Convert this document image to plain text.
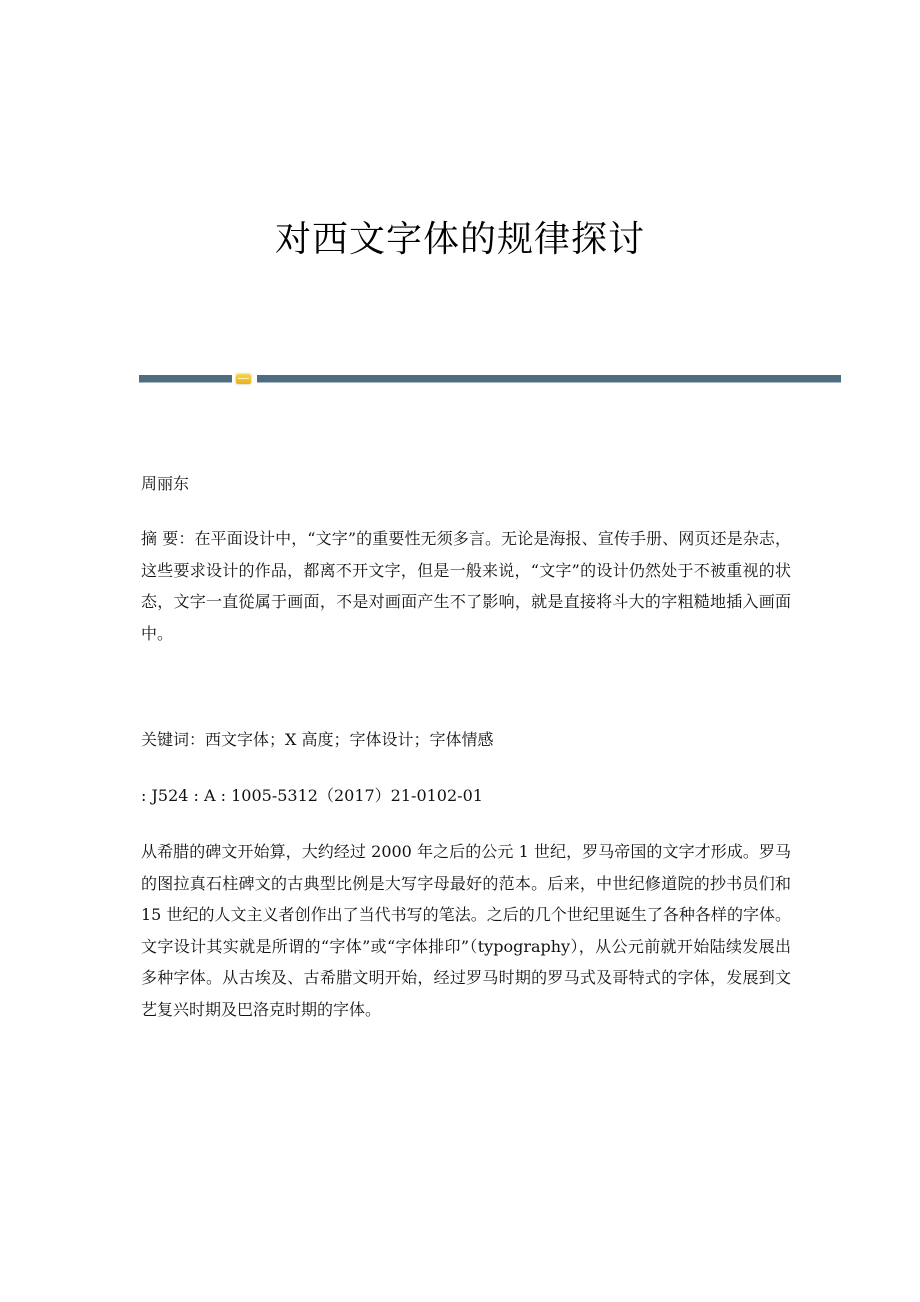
对西文字体的规律探讨
周丽东
摘 要：在平面设计中，“文字”的重要性无须多言。无论是海报、宣传手册、网页还是杂志，这些要求设计的作品，都离不开文字，但是一般来说，“文字”的设计仍然处于不被重视的状态，文字一直從属于画面，不是对画面产生不了影响，就是直接将斗大的字粗糙地插入画面中。
关键词：西文字体；X 高度；字体设计；字体情感
: J524 : A : 1005-5312（2017）21-0102-01
从希腊的碑文开始算，大约经过 2000 年之后的公元 1 世纪，罗马帝国的文字才形成。罗马的图拉真石柱碑文的古典型比例是大写字母最好的范本。后来，中世纪修道院的抄书员们和 15 世纪的人文主义者创作出了当代书写的笔法。之后的几个世纪里诞生了各种各样的字体。文字设计其实就是所谓的“字体”或“字体排印”（typography），从公元前就开始陆续发展出多种字体。从古埃及、古希腊文明开始，经过罗马时期的罗马式及哥特式的字体，发展到文艺复兴时期及巴洛克时期的字体。
